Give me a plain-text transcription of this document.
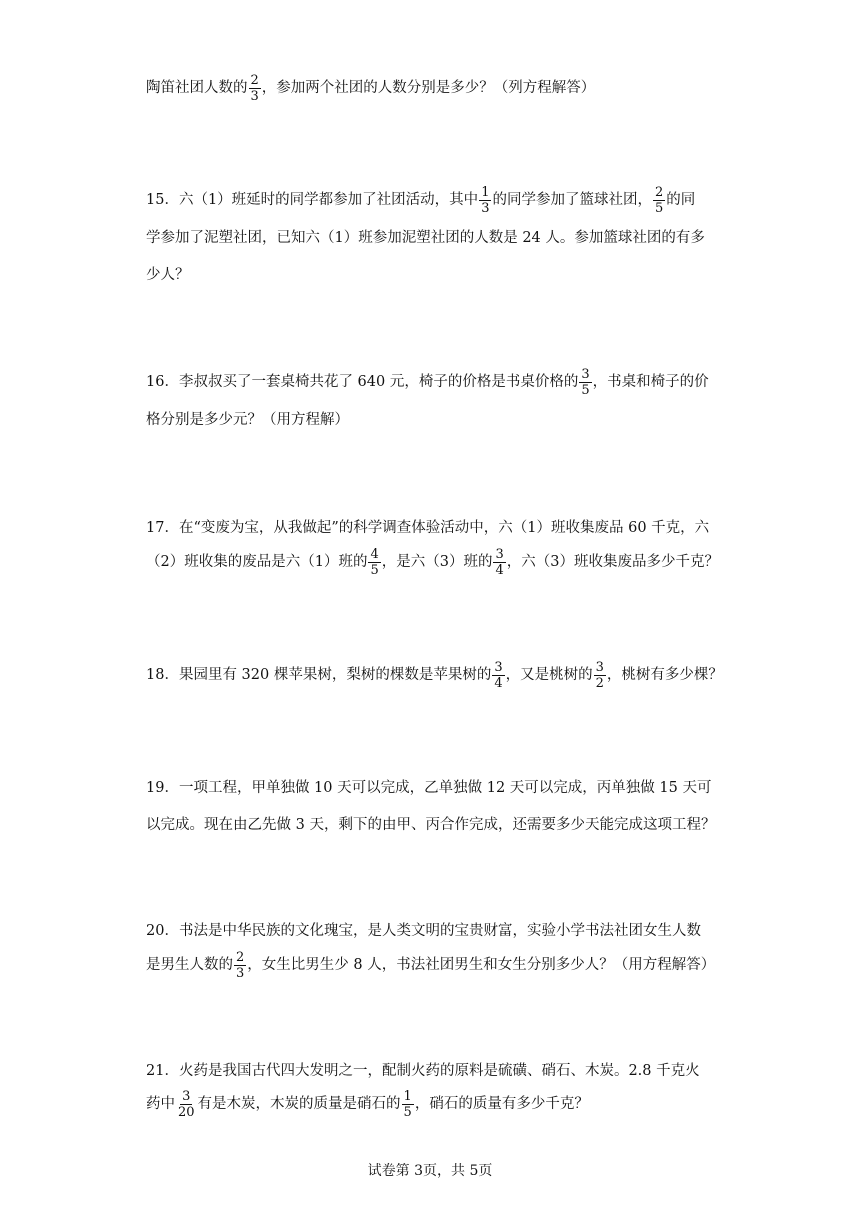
陶笛社团人数的 $\frac{2}{3}$ ，参加两个社团的人数分别是多少？（列方程解答）
15．六（1）班延时的同学都参加了社团活动，其中 $\frac{1}{3}$ 的同学参加了篮球社团， $\frac{2}{5}$ 的同
学参加了泥塑社团，已知六（1）班参加泥塑社团的人数是 24 人。参加篮球社团的有多
少人？
16．李叔叔买了一套桌椅共花了 640 元，椅子的价格是书桌价格的 $\frac{3}{5}$ ，书桌和椅子的价
格分别是多少元？（用方程解）
17．在“变废为宝，从我做起”的科学调查体验活动中，六（1）班收集废品 60 千克，六
（2）班收集的废品是六（1）班的 $\frac{4}{5}$ ，是六（3）班的 $\frac{3}{4}$ ，六（3）班收集废品多少千克？
18．果园里有 320 棵苹果树，梨树的棵数是苹果树的 $\frac{3}{4}$ ，又是桃树的 $\frac{3}{2}$ ，桃树有多少棵？
19．一项工程，甲单独做 10 天可以完成，乙单独做 12 天可以完成，丙单独做 15 天可
以完成。现在由乙先做 3 天，剩下的由甲、丙合作完成，还需要多少天能完成这项工程？
20．书法是中华民族的文化瑰宝，是人类文明的宝贵财富，实验小学书法社团女生人数
是男生人数的 $\frac{2}{3}$ ，女生比男生少 8 人，书法社团男生和女生分别多少人？（用方程解答）
21．火药是我国古代四大发明之一，配制火药的原料是硫磺、硝石、木炭。2.8 千克火
药中 $\frac{3}{20}$ 有是木炭，木炭的质量是硝石的 $\frac{1}{5}$ ，硝石的质量有多少千克？
试卷第 3页，共 5页
